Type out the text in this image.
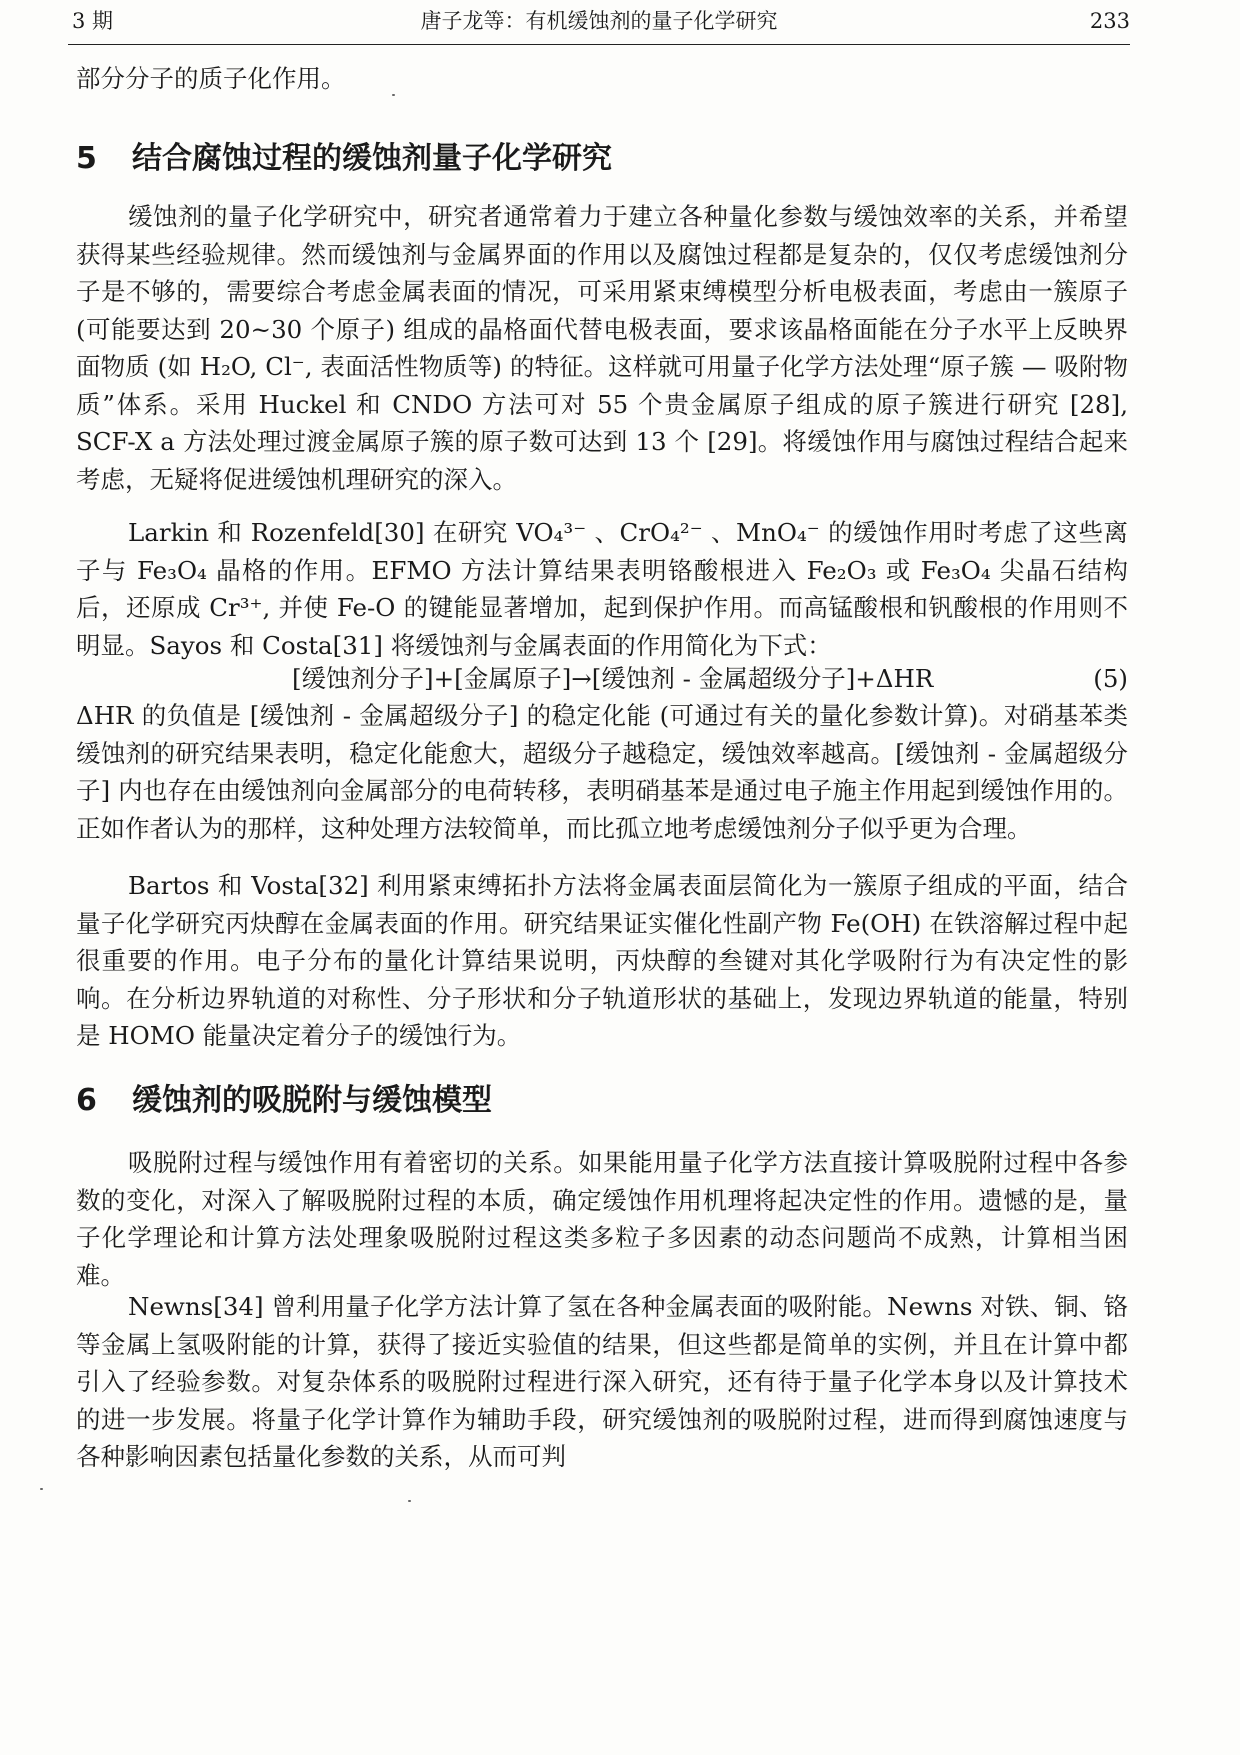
3 期	唐子龙等：有机缓蚀剂的量子化学研究	233

部分分子的质子化作用。

5 结合腐蚀过程的缓蚀剂量子化学研究

缓蚀剂的量子化学研究中，研究者通常着力于建立各种量化参数与缓蚀效率的关系，并希望获得某些经验规律。然而缓蚀剂与金属界面的作用以及腐蚀过程都是复杂的，仅仅考虑缓蚀剂分子是不够的，需要综合考虑金属表面的情况，可采用紧束缚模型分析电极表面，考虑由一簇原子 (可能要达到 20~30 个原子) 组成的晶格面代替电极表面，要求该晶格面能在分子水平上反映界面物质 (如 H₂O, Cl⁻, 表面活性物质等) 的特征。这样就可用量子化学方法处理“原子簇 — 吸附物质”体系。采用 Huckel 和 CNDO 方法可对 55 个贵金属原子组成的原子簇进行研究 [28], SCF-X a 方法处理过渡金属原子簇的原子数可达到 13 个 [29]。将缓蚀作用与腐蚀过程结合起来考虑，无疑将促进缓蚀机理研究的深入。

Larkin 和 Rozenfeld[30] 在研究 VO₄³⁻ 、CrO₄²⁻ 、MnO₄⁻ 的缓蚀作用时考虑了这些离子与 Fe₃O₄ 晶格的作用。EFMO 方法计算结果表明铬酸根进入 Fe₂O₃ 或 Fe₃O₄ 尖晶石结构后，还原成 Cr³⁺, 并使 Fe-O 的键能显著增加，起到保护作用。而高锰酸根和钒酸根的作用则不明显。Sayos 和 Costa[31] 将缓蚀剂与金属表面的作用简化为下式：

[缓蚀剂分子]+[金属原子]→[缓蚀剂 - 金属超级分子]+ΔHR	(5)

ΔHR 的负值是 [缓蚀剂 - 金属超级分子] 的稳定化能 (可通过有关的量化参数计算)。对硝基苯类缓蚀剂的研究结果表明，稳定化能愈大，超级分子越稳定，缓蚀效率越高。[缓蚀剂 - 金属超级分子] 内也存在由缓蚀剂向金属部分的电荷转移，表明硝基苯是通过电子施主作用起到缓蚀作用的。正如作者认为的那样，这种处理方法较简单，而比孤立地考虑缓蚀剂分子似乎更为合理。

Bartos 和 Vosta[32] 利用紧束缚拓扑方法将金属表面层简化为一簇原子组成的平面，结合量子化学研究丙炔醇在金属表面的作用。研究结果证实催化性副产物 Fe(OH) 在铁溶解过程中起很重要的作用。电子分布的量化计算结果说明，丙炔醇的叁键对其化学吸附行为有决定性的影响。在分析边界轨道的对称性、分子形状和分子轨道形状的基础上，发现边界轨道的能量，特别是 HOMO 能量决定着分子的缓蚀行为。

6 缓蚀剂的吸脱附与缓蚀模型

吸脱附过程与缓蚀作用有着密切的关系。如果能用量子化学方法直接计算吸脱附过程中各参数的变化，对深入了解吸脱附过程的本质，确定缓蚀作用机理将起决定性的作用。遗憾的是，量子化学理论和计算方法处理象吸脱附过程这类多粒子多因素的动态问题尚不成熟，计算相当困难。

Newns[34] 曾利用量子化学方法计算了氢在各种金属表面的吸附能。Newns 对铁、铜、铬等金属上氢吸附能的计算，获得了接近实验值的结果，但这些都是简单的实例，并且在计算中都引入了经验参数。对复杂体系的吸脱附过程进行深入研究，还有待于量子化学本身以及计算技术的进一步发展。将量子化学计算作为辅助手段，研究缓蚀剂的吸脱附过程，进而得到腐蚀速度与各种影响因素包括量化参数的关系，从而可判
